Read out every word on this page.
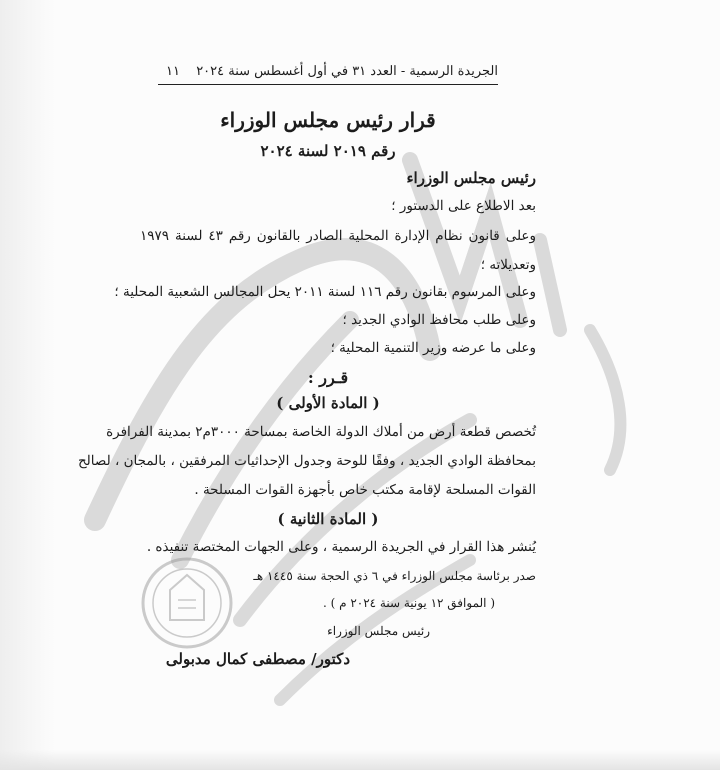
الجريدة الرسمية - العدد ٣١ في أول أغسطس سنة ٢٠٢٤
١١
قرار رئيس مجلس الوزراء
رقم ٢٠١٩ لسنة ٢٠٢٤
رئيس مجلس الوزراء
بعد الاطلاع على الدستور ؛
وعلى قانون نظام الإدارة المحلية الصادر بالقانون رقم ٤٣ لسنة ١٩٧٩
وتعديلاته ؛
وعلى المرسوم بقانون رقم ١١٦ لسنة ٢٠١١ يحل المجالس الشعبية المحلية ؛
وعلى طلب محافظ الوادي الجديد ؛
وعلى ما عرضه وزير التنمية المحلية ؛
قـرر :
( المادة الأولى )
تُخصص قطعة أرض من أملاك الدولة الخاصة بمساحة ٣٠٠٠م٢ بمدينة الفرافرة
بمحافظة الوادي الجديد ، وفقًا للوحة وجدول الإحداثيات المرفقين ، بالمجان ، لصالح
القوات المسلحة لإقامة مكتب خاص بأجهزة القوات المسلحة .
( المادة الثانية )
يُنشر هذا القرار في الجريدة الرسمية ، وعلى الجهات المختصة تنفيذه .
صدر برئاسة مجلس الوزراء في ٦ ذي الحجة سنة ١٤٤٥ هـ
( الموافق ١٢ يونية سنة ٢٠٢٤ م ) .
رئيس مجلس الوزراء
دكتور/ مصطفى كمال مدبولى
